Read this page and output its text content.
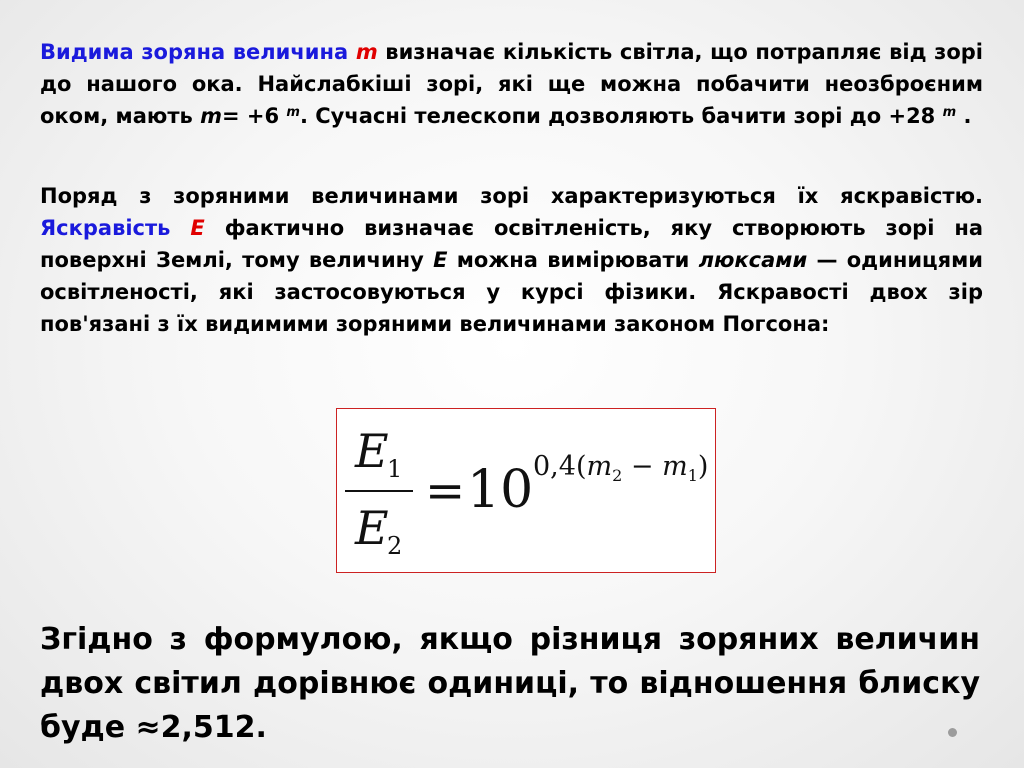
Видима зоряна величина m визначає кількість світла, що потрапляє від зорі до нашого ока. Найслабкіші зорі, які ще можна побачити неозброєним оком, мають m= +6 $^m$. Сучасні телескопи дозволяють бачити зорі до +28 $^m$ .

Поряд з зоряними величинами зорі характеризуються їх яскравістю. Яскравість E фактично визначає освітленість, яку створюють зорі на поверхні Землі, тому величину E можна вимірювати люксами — одиницями освітленості, які застосовуються у курсі фізики. Яскравості двох зір пов'язані з їх видимими зоряними величинами законом Погсона:

E
1
E
2
= 10 $0,4(m_2 - m_1)$

Згідно з формулою, якщо різниця зоряних величин двох світил дорівнює одиниці, то відношення блиску буде ≈2,512.
